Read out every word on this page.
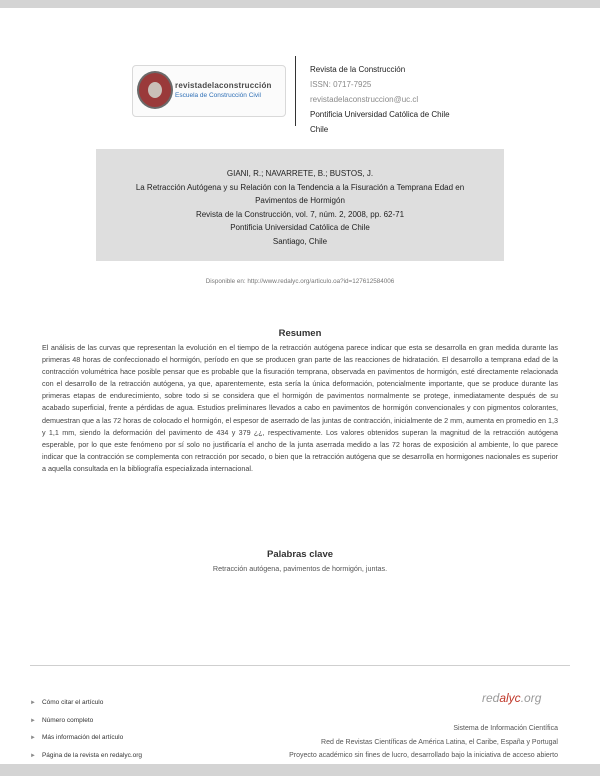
revistadelaconstrucción
Escuela de Construcción Civil
Revista de la Construcción
ISSN: 0717-7925
revistadelaconstruccion@uc.cl
Pontificia Universidad Católica de Chile
Chile
GIANI, R.; NAVARRETE, B.; BUSTOS, J.
La Retracción Autógena y su Relación con la Tendencia a la Fisuración a Temprana Edad en
Pavimentos de Hormigón
Revista de la Construcción, vol. 7, núm. 2, 2008, pp. 62-71
Pontificia Universidad Católica de Chile
Santiago, Chile
Disponible en: http://www.redalyc.org/articulo.oa?id=127612584006
Resumen
El análisis de las curvas que representan la evolución en el tiempo de la retracción autógena parece indicar que esta se desarrolla en gran medida durante las primeras 48 horas de confeccionado el hormigón, período en que se producen gran parte de las reacciones de hidratación. El desarrollo a temprana edad de la contracción volumétrica hace posible pensar que es probable que la fisuración temprana, observada en pavimentos de hormigón, esté directamente relacionada con el desarrollo de la retracción autógena, ya que, aparentemente, esta sería la única deformación, potencialmente importante, que se produce durante las primeras etapas de endurecimiento, sobre todo si se considera que el hormigón de pavimentos normalmente se protege, inmediatamente después de su acabado superficial, frente a pérdidas de agua. Estudios preliminares llevados a cabo en pavimentos de hormigón convencionales y con pigmentos colorantes, demuestran que a las 72 horas de colocado el hormigón, el espesor de aserrado de las juntas de contracción, inicialmente de 2 mm, aumenta en promedio en 1,3 y 1,1 mm, siendo la deformación del pavimento de 434 y 379 ¿¿, respectivamente. Los valores obtenidos superan la magnitud de la retracción autógena esperable, por lo que este fenómeno por sí solo no justificaría el ancho de la junta aserrada medido a las 72 horas de exposición al ambiente, lo que parece indicar que la contracción se complementa con retracción por secado, o bien que la retracción autógena que se desarrolla en hormigones nacionales es superior a aquella consultada en la bibliografía especializada internacional.
Palabras clave
Retracción autógena, pavimentos de hormigón, juntas.
► Cómo citar el artículo
► Número completo
► Más información del artículo
► Página de la revista en redalyc.org
redalyc.org
Sistema de Información Científica
Red de Revistas Científicas de América Latina, el Caribe, España y Portugal
Proyecto académico sin fines de lucro, desarrollado bajo la iniciativa de acceso abierto
